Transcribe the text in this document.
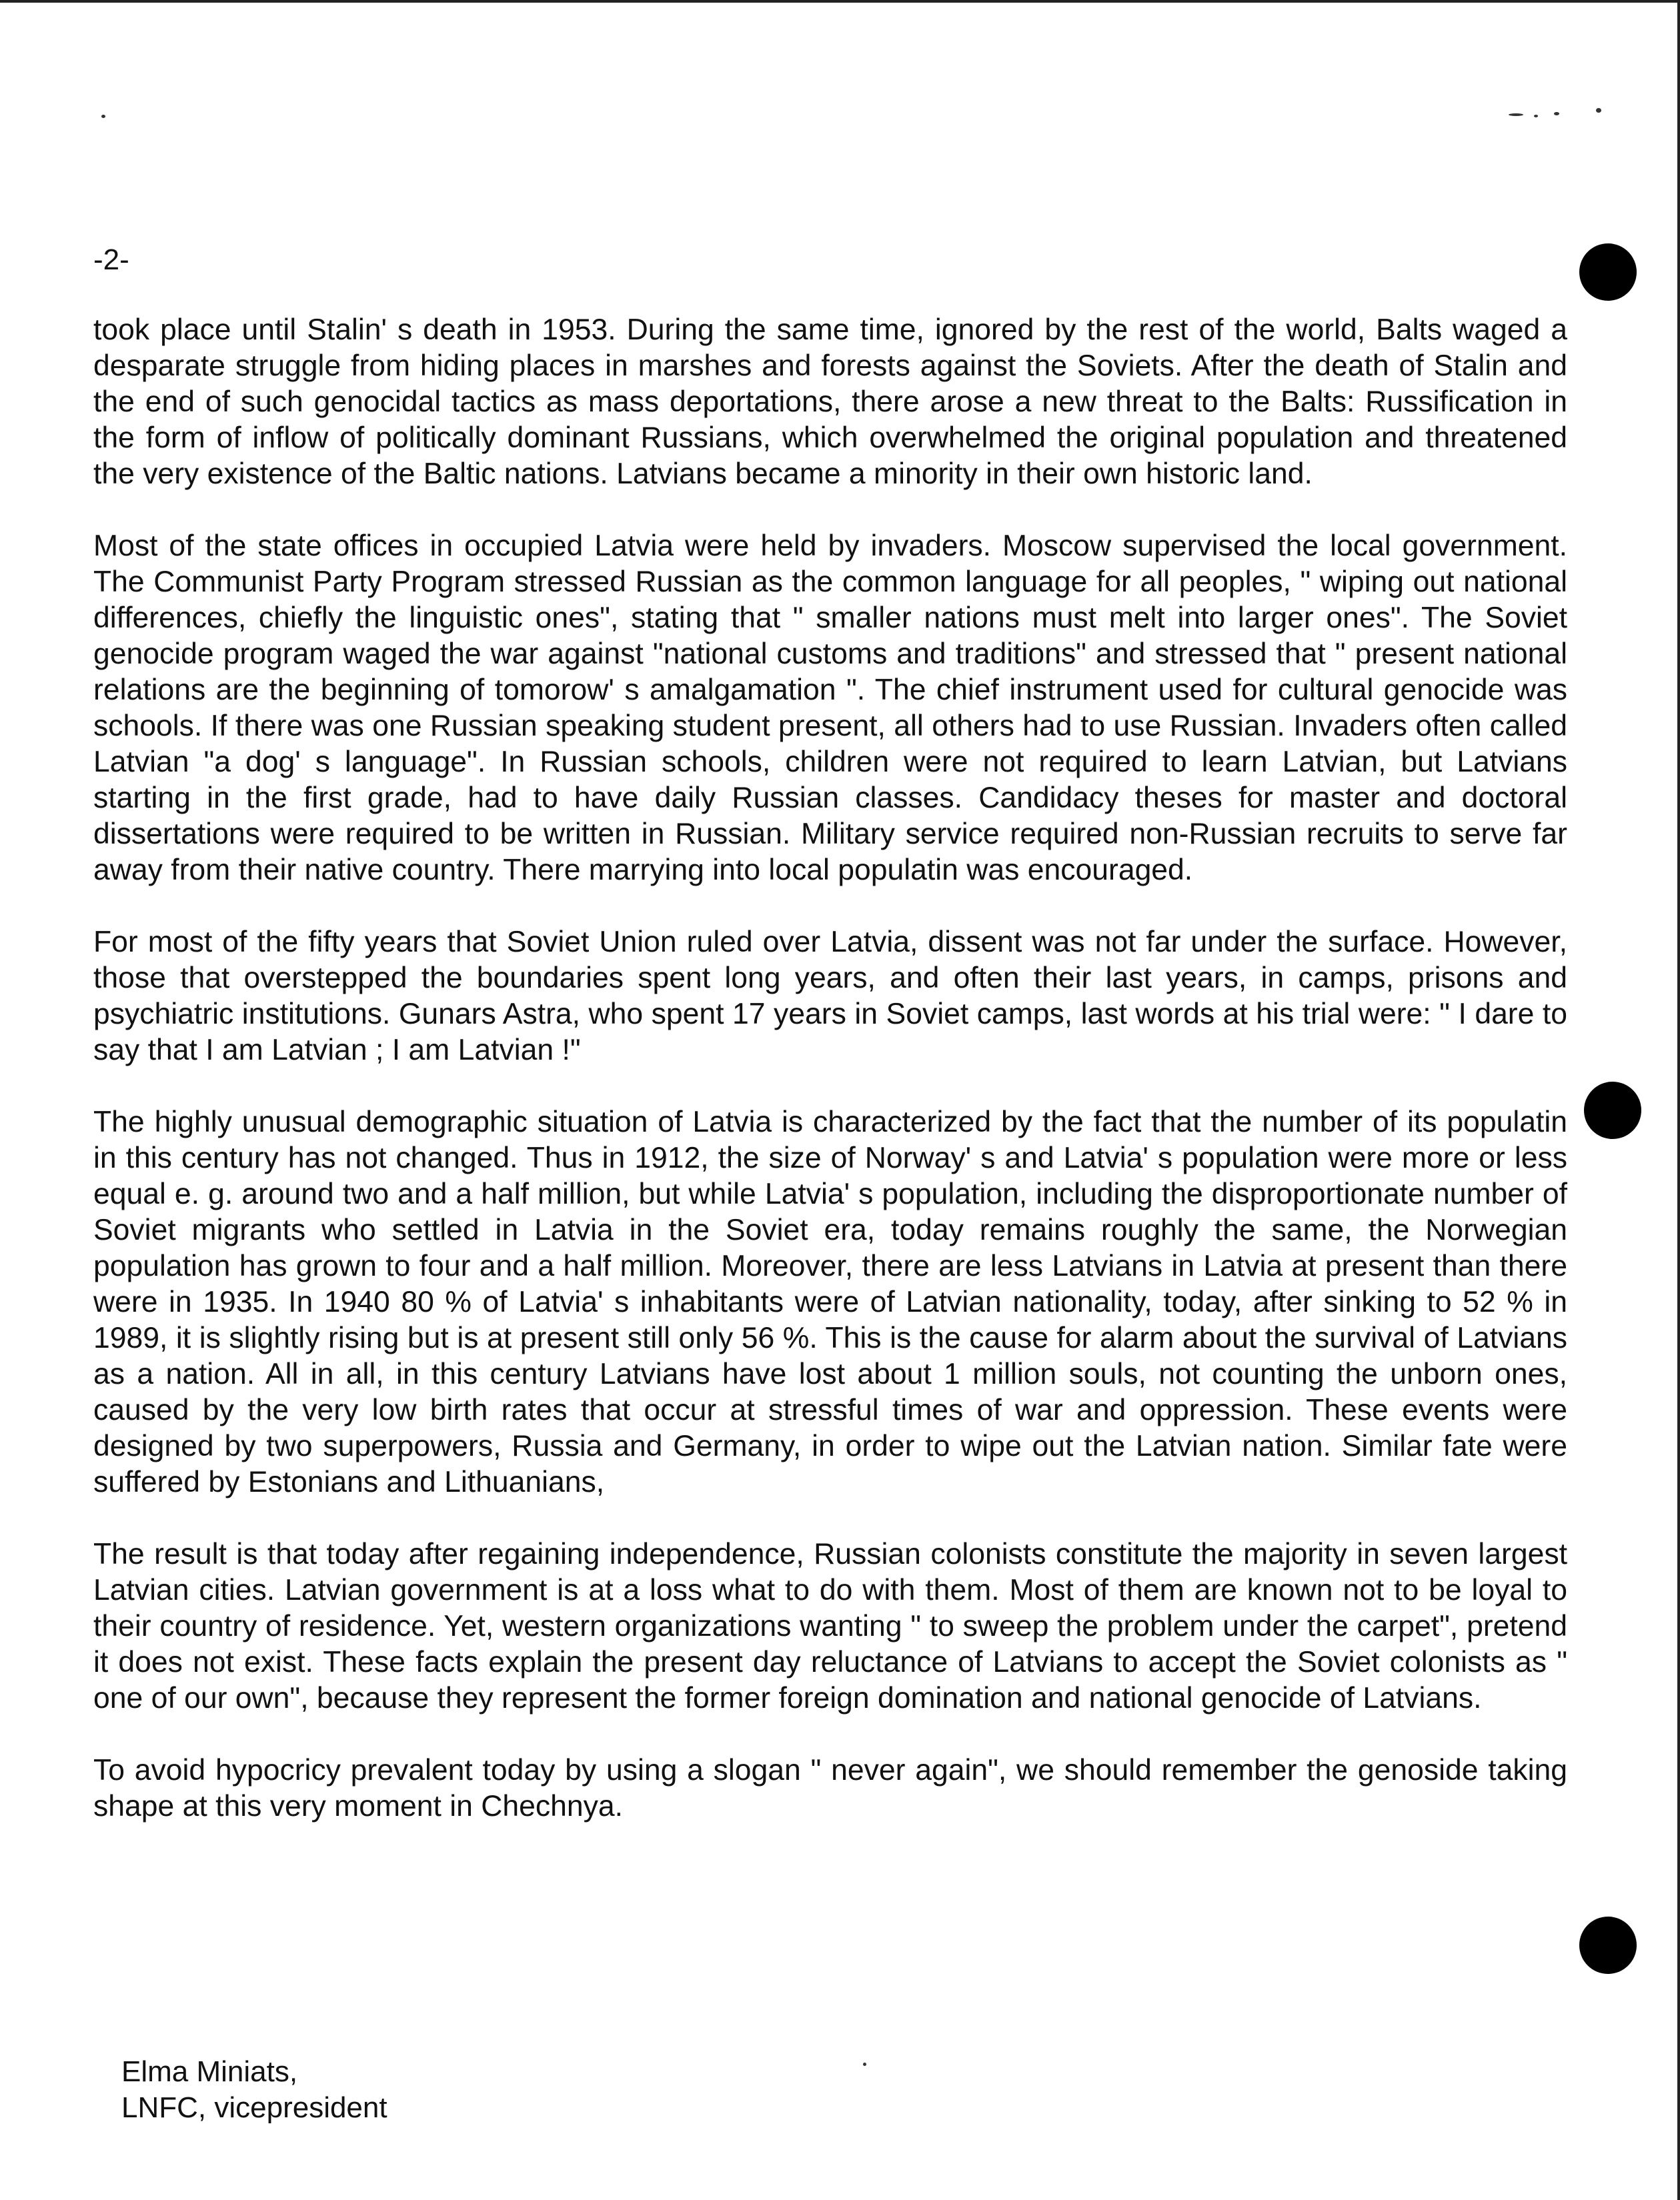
-2-

took place until Stalin' s death in 1953. During the same time, ignored by the rest of the world, Balts waged a desparate struggle from hiding places in marshes and forests against the Soviets. After the death of Stalin and the end of such genocidal tactics as mass deportations, there arose a new threat to the Balts: Russification in the form of inflow of politically dominant Russians, which overwhelmed the original population and threatened the very existence of the Baltic nations. Latvians became a minority in their own historic land.

Most of the state offices in occupied Latvia were held by invaders. Moscow supervised the local government. The Communist Party Program stressed Russian as the common language for all peoples, " wiping out national differences, chiefly the linguistic ones", stating that " smaller nations must melt into larger ones". The Soviet genocide program waged the war against "national customs and traditions" and stressed that " present national relations are the beginning of tomorow' s amalgamation ". The chief instrument used for cultural genocide was schools. If there was one Russian speaking student present, all others had to use Russian. Invaders often called Latvian "a dog' s language". In Russian schools, children were not required to learn Latvian, but Latvians starting in the first grade, had to have daily Russian classes. Candidacy theses for master and doctoral dissertations were required to be written in Russian. Military service required non-Russian recruits to serve far away from their native country. There marrying into local populatin was encouraged.

For most of the fifty years that Soviet Union ruled over Latvia, dissent was not far under the surface. However, those that overstepped the boundaries spent long years, and often their last years, in camps, prisons and psychiatric institutions. Gunars Astra, who spent 17 years in Soviet camps, last words at his trial were: " I dare to say that I am Latvian ; I am Latvian !"

The highly unusual demographic situation of Latvia is characterized by the fact that the number of its populatin in this century has not changed. Thus in 1912, the size of Norway' s and Latvia' s population were more or less equal e. g. around two and a half million, but while Latvia' s population, including the disproportionate number of Soviet migrants who settled in Latvia in the Soviet era, today remains roughly the same, the Norwegian population has grown to four and a half million. Moreover, there are less Latvians in Latvia at present than there were in 1935. In 1940 80 % of Latvia' s inhabitants were of Latvian nationality, today, after sinking to 52 % in 1989, it is slightly rising but is at present still only 56 %. This is the cause for alarm about the survival of Latvians as a nation. All in all, in this century Latvians have lost about 1 million souls, not counting the unborn ones, caused by the very low birth rates that occur at stressful times of war and oppression. These events were designed by two superpowers, Russia and Germany, in order to wipe out the Latvian nation. Similar fate were suffered by Estonians and Lithuanians,

The result is that today after regaining independence, Russian colonists constitute the majority in seven largest Latvian cities. Latvian government is at a loss what to do with them. Most of them are known not to be loyal to their country of residence. Yet, western organizations wanting " to sweep the problem under the carpet", pretend it does not exist. These facts explain the present day reluctance of Latvians to accept the Soviet colonists as " one of our own", because they represent the former foreign domination and national genocide of Latvians.

To avoid hypocricy prevalent today by using a slogan " never again", we should remember the genoside taking shape at this very moment in Chechnya.

Elma Miniats,
LNFC, vicepresident
